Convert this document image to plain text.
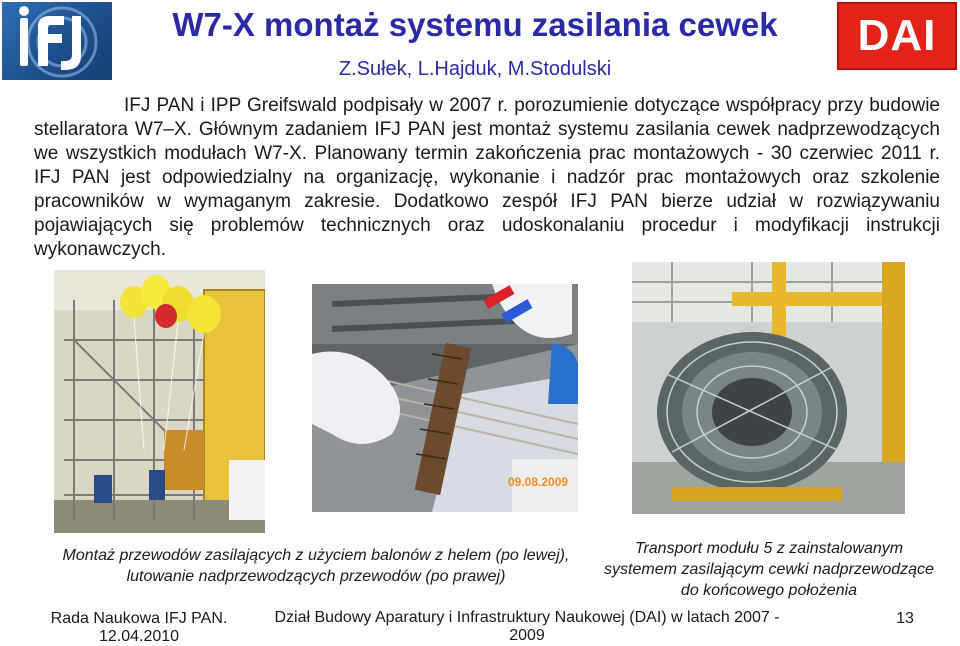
W7-X montaż systemu zasilania cewek
Z.Sułek, L.Hajduk, M.Stodulski
DAI
IFJ PAN i IPP Greifswald podpisały w 2007 r. porozumienie dotyczące współpracy przy budowie stellaratora W7–X. Głównym zadaniem IFJ PAN jest montaż systemu zasilania cewek nadprzewodzących we wszystkich modułach W7-X. Planowany termin zakończenia prac montażowych - 30 czerwiec 2011 r. IFJ PAN jest odpowiedzialny na organizację, wykonanie i nadzór prac montażowych oraz szkolenie pracowników w wymaganym zakresie. Dodatkowo zespół IFJ PAN bierze udział w rozwiązywaniu pojawiających się problemów technicznych oraz udoskonalaniu procedur i modyfikacji instrukcji wykonawczych.
09.08.2009
Montaż przewodów zasilających z użyciem balonów z helem (po lewej), lutowanie nadprzewodzących przewodów (po prawej)
Transport modułu 5 z zainstalowanym systemem zasilającym cewki nadprzewodzące do końcowego położenia
Rada Naukowa IFJ PAN.
12.04.2010
Dział Budowy Aparatury i Infrastruktury Naukowej (DAI) w latach 2007 - 2009
13
